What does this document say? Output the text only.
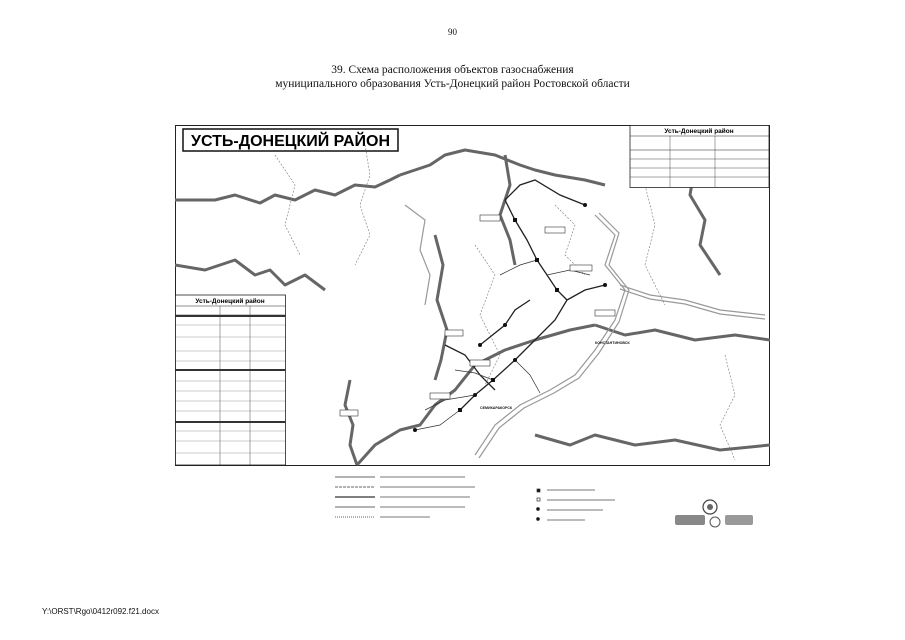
90
39. Схема расположения объектов газоснабжения
муниципального образования Усть-Донецкий район Ростовской области
УСТЬ-ДОНЕЦКИЙ РАЙОН
КОНСТАНТИНОВСК
СЕМИКАРАКОРСК
Усть-Донецкий район
Усть-Донецкий район
Y:\ORST\Rgo\0412r092.f21.docx
